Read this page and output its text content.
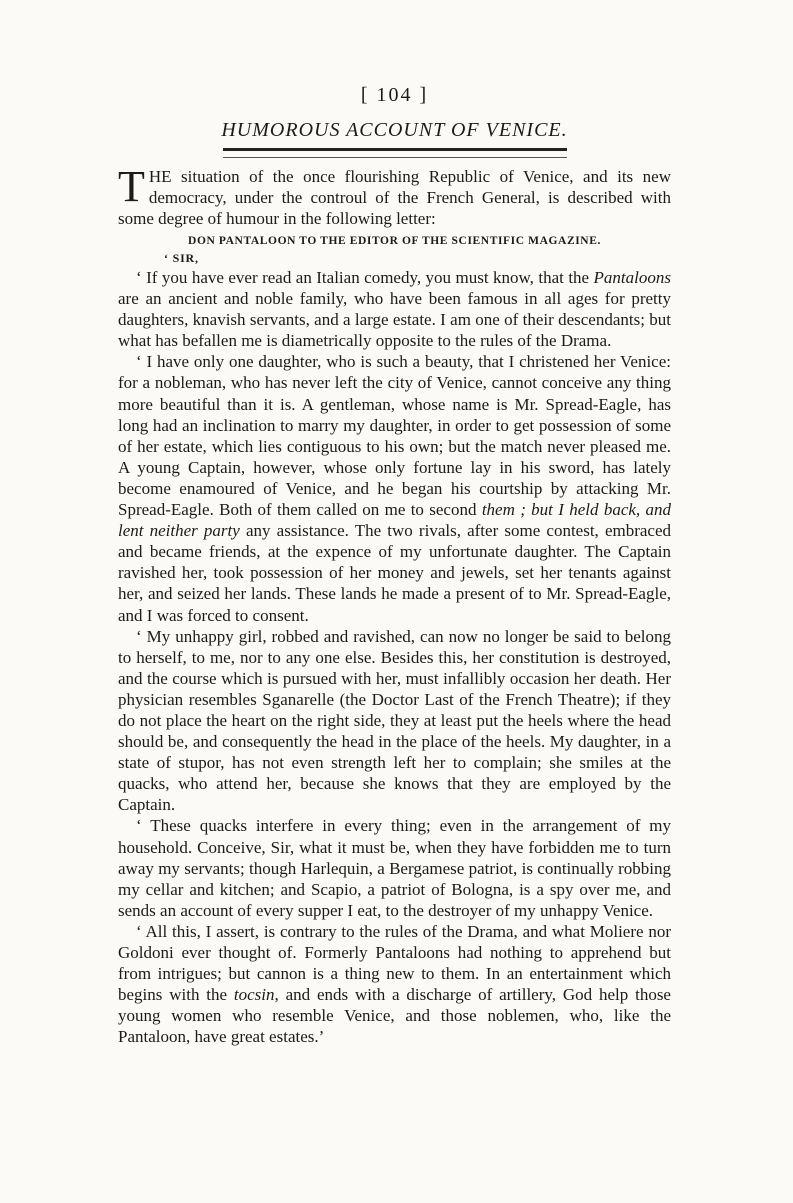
[ 104 ]
HUMOROUS ACCOUNT OF VENICE.

THE situation of the once flourishing Republic of Venice, and its new democracy, under the controul of the French General, is described with some degree of humour in the following letter:

DON PANTALOON TO THE EDITOR OF THE SCIENTIFIC MAGAZINE.
‘ SIR,

‘ If you have ever read an Italian comedy, you must know, that the Pantaloons are an ancient and noble family, who have been famous in all ages for pretty daughters, knavish servants, and a large estate. I am one of their descendants; but what has befallen me is diametrically opposite to the rules of the Drama.

‘ I have only one daughter, who is such a beauty, that I christened her Venice: for a nobleman, who has never left the city of Venice, cannot conceive any thing more beautiful than it is. A gentleman, whose name is Mr. Spread-Eagle, has long had an inclination to marry my daughter, in order to get possession of some of her estate, which lies contiguous to his own; but the match never pleased me. A young Captain, however, whose only fortune lay in his sword, has lately become enamoured of Venice, and he began his courtship by attacking Mr. Spread-Eagle. Both of them called on me to second them ; but I held back, and lent neither party any assistance. The two rivals, after some contest, embraced and became friends, at the expence of my unfortunate daughter. The Captain ravished her, took possession of her money and jewels, set her tenants against her, and seized her lands. These lands he made a present of to Mr. Spread-Eagle, and I was forced to consent.

‘ My unhappy girl, robbed and ravished, can now no longer be said to belong to herself, to me, nor to any one else. Besides this, her constitution is destroyed, and the course which is pursued with her, must infallibly occasion her death. Her physician resembles Sganarelle (the Doctor Last of the French Theatre); if they do not place the heart on the right side, they at least put the heels where the head should be, and consequently the head in the place of the heels. My daughter, in a state of stupor, has not even strength left her to complain; she smiles at the quacks, who attend her, because she knows that they are employed by the Captain.

‘ These quacks interfere in every thing; even in the arrangement of my household. Conceive, Sir, what it must be, when they have forbidden me to turn away my servants; though Harlequin, a Bergamese patriot, is continually robbing my cellar and kitchen; and Scapio, a patriot of Bologna, is a spy over me, and sends an account of every supper I eat, to the destroyer of my unhappy Venice.

‘ All this, I assert, is contrary to the rules of the Drama, and what Moliere nor Goldoni ever thought of. Formerly Pantaloons had nothing to apprehend but from intrigues; but cannon is a thing new to them. In an entertainment which begins with the tocsin, and ends with a discharge of artillery, God help those young women who resemble Venice, and those noblemen, who, like the Pantaloon, have great estates.’
